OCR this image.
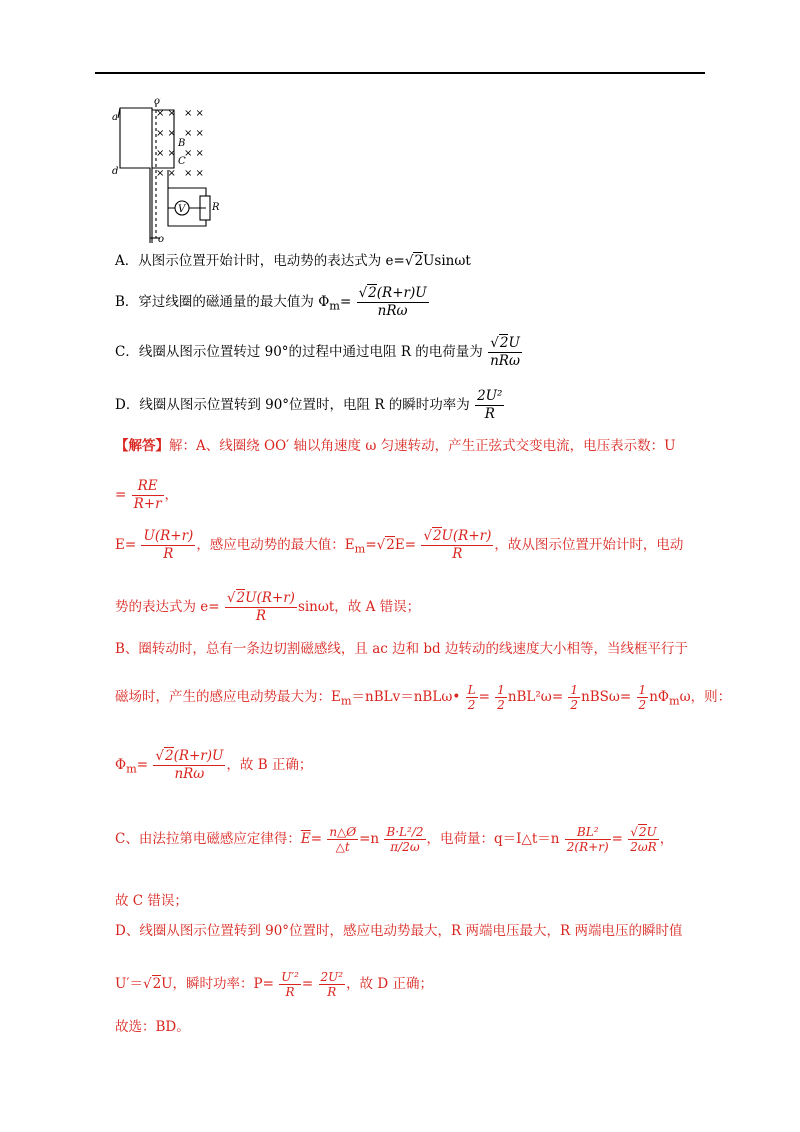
× × × ×
× × × ×
× × × ×
× × × ×
o′
a
d
B
C
V	R
o
A．从图示位置开始计时，电动势的表达式为 e=√2Usinωt
B．穿过线圈的磁通量的最大值为 $\Phi_m= \frac{√2(R+r)U}{\text{nRω}}$
C．线圈从图示位置转过 90°的过程中通过电阻 R 的电荷量为 $\frac{√2U}{\text{nRω}}$
D．线圈从图示位置转到 90°位置时，电阻 R 的瞬时功率为 $\frac{\text{2U²}}{R}$
【解答】解：A、线圈绕 OO′ 轴以角速度 ω 匀速转动，产生正弦式交变电流，电压表示数：U
= $\frac{RE}{R+r}$ ，
$E= \frac{U(R+r)}{R}$ ，感应电动势的最大值：$E_m=√2E= \frac{√2U(R+r)}{R}$ ，故从图示位置开始计时，电动
势的表达式为 $e= \frac{√2U(R+r)}{R}$ sinωt，故 A 错误；
B、圈转动时，总有一条边切割磁感线，且 ac 边和 bd 边转动的线速度大小相等，当线框平行于
磁场时，产生的感应电动势最大为：$E_m=nBLv=nBL\omega• \frac{L}{2} = \frac{1}{2} nBL^2\omega= \frac{1}{2} nBS\omega= \frac{1}{2} n\Phi_m\omega$，则：
$\Phi_m= \frac{√2(R+r)U}{\text{nRω}}$ ，故 B 正确；
C、由法拉第电磁感应定律得：$\overline{E}= \frac{n\triangle Ø}{\triangle t} =n \frac{\text{B·L²/2}}{\pi/2\omega}$ ，电荷量：q＝I△t＝n $\frac{\text{BL²}}{2(R+r)} = \frac{√2U}{2\omega R}$ ，
故 C 错误；
D、线圈从图示位置转到 90°位置时，感应电动势最大，R 两端电压最大，R 两端电压的瞬时值
U′＝√2U，瞬时功率：$P= \frac{\text{U′²}}{R} = \frac{\text{2U²}}{R}$ ，故 D 正确；
故选：BD。
